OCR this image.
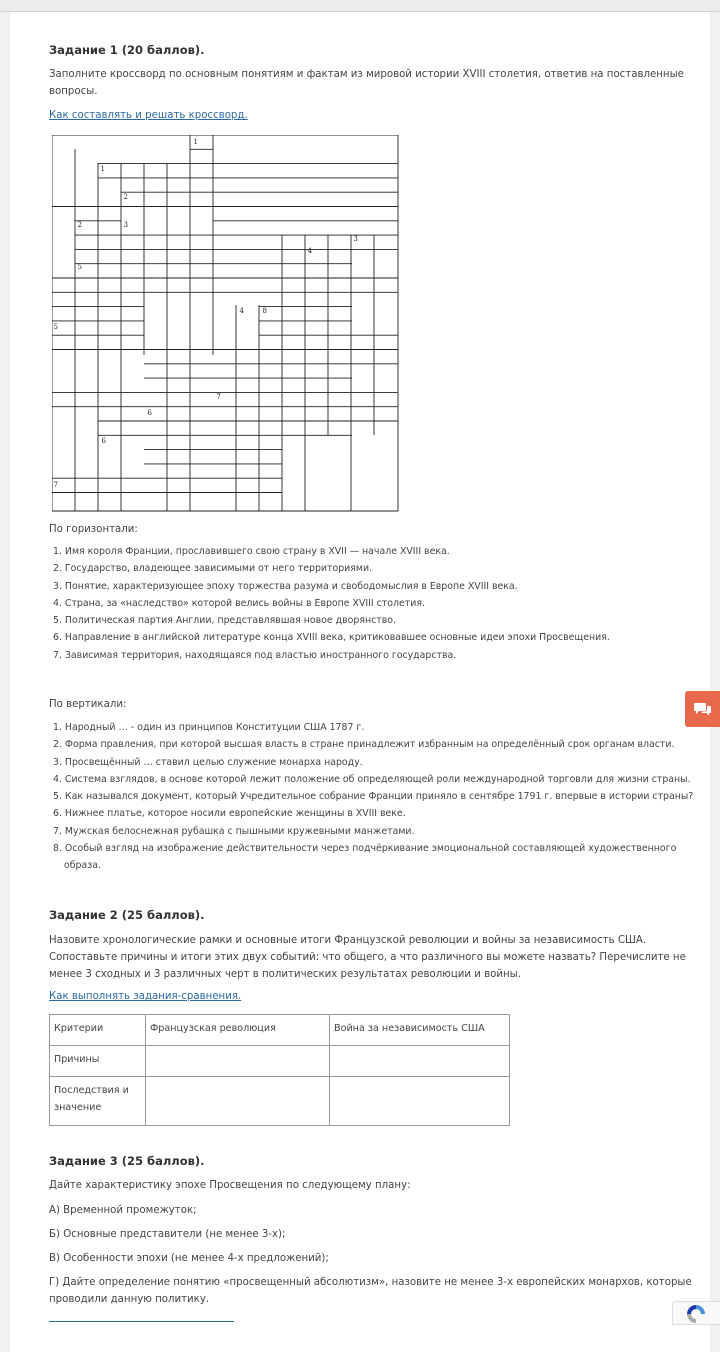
Задание 1 (20 баллов).
Заполните кроссворд по основным понятиям и фактам из мировой истории XVIII столетия, ответив на поставленные
вопросы.
Как составлять и решать кроссворд.
1
1
2
2	3
3
5
4
4	8
5
7
6
6
7
По горизонтали:
1. Имя короля Франции, прославившего свою страну в XVII — начале XVIII века.
2. Государство, владеющее зависимыми от него территориями.
3. Понятие, характеризующее эпоху торжества разума и свободомыслия в Европе XVIII века.
4. Страна, за «наследство» которой велись войны в Европе XVIII столетия.
5. Политическая партия Англии, представлявшая новое дворянство.
6. Направление в английской литературе конца XVIII века, критиковавшее основные идеи эпохи Просвещения.
7. Зависимая территория, находящаяся под властью иностранного государства.
По вертикали:
1. Народный … - один из принципов Конституции США 1787 г.
2. Форма правления, при которой высшая власть в стране принадлежит избранным на определённый срок органам власти.
3. Просвещённый … ставил целью служение монарха народу.
4. Система взглядов, в основе которой лежит положение об определяющей роли международной торговли для жизни страны.
5. Как назывался документ, который Учредительное собрание Франции приняло в сентябре 1791 г. впервые в истории страны?
6. Нижнее платье, которое носили европейские женщины в XVIII веке.
7. Мужская белоснежная рубашка с пышными кружевными манжетами.
8. Особый взгляд на изображение действительности через подчёркивание эмоциональной составляющей художественного
образа.
Задание 2 (25 баллов).
Назовите хронологические рамки и основные итоги Французской революции и войны за независимость США.
Сопоставьте причины и итоги этих двух событий: что общего, а что различного вы можете назвать? Перечислите не
менее 3 сходных и 3 различных черт в политических результатах революции и войны.
Как выполнять задания-сравнения.
Критерии	Французская революция	Война за независимость США
Причины		
Последствия и значение		
Задание 3 (25 баллов).
Дайте характеристику эпохе Просвещения по следующему плану:
А) Временной промежуток;
Б) Основные представители (не менее 3-х);
В) Особенности эпохи (не менее 4-х предложений);
Г) Дайте определение понятию «просвещенный абсолютизм», назовите не менее 3-х европейских монархов, которые
проводили данную политику.
